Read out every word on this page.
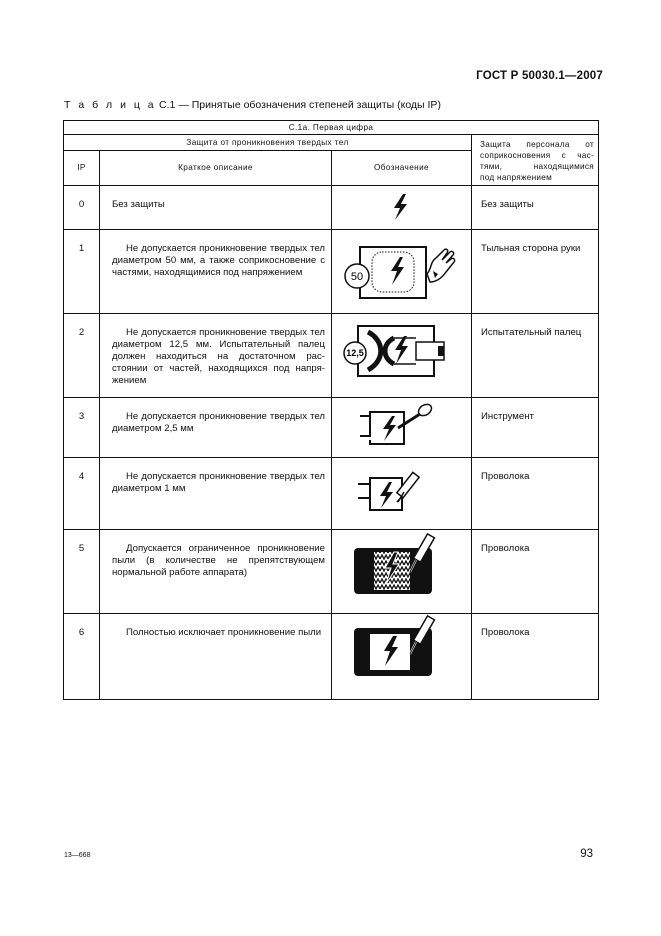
ГОСТ Р 50030.1—2007
Т а б л и ц а C.1 — Принятые обозначения степеней защиты (коды IP)
С.1а. Первая цифра			
Защита от проникновения твердых тел			Защита персонала от
соприкосновения с час-
тями, находящимися
под напряжением
IP	Краткое описание	Обозначение	
0	Без защиты		Без защиты
1	Не допускается проникновение твердых тел диаметром 50 мм, а также соприкосновение с частями, находящимися под напряжением	50	Тыльная сторона руки
2	Не допускается проникновение твердых тел диаметром 12,5 мм. Испытательный палец должен находиться на достаточном расстоянии от частей, находящихся под напряжением	12,5	Испытательный палец
3	Не допускается проникновение твердых тел диаметром 2,5 мм		Инструмент
4	Не допускается проникновение твердых тел диаметром 1 мм		Проволока
5	Допускается ограниченное проникновение пыли (в количестве не препятствующем нормальной работе аппарата)		Проволока
6	Полностью исключает проникновение пыли		Проволока
13—668	93
